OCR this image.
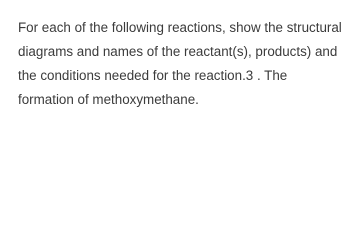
For each of the following reactions, show the structural
diagrams and names of the reactant(s), products) and
the conditions needed for the reaction.3 . The
formation of methoxymethane.
